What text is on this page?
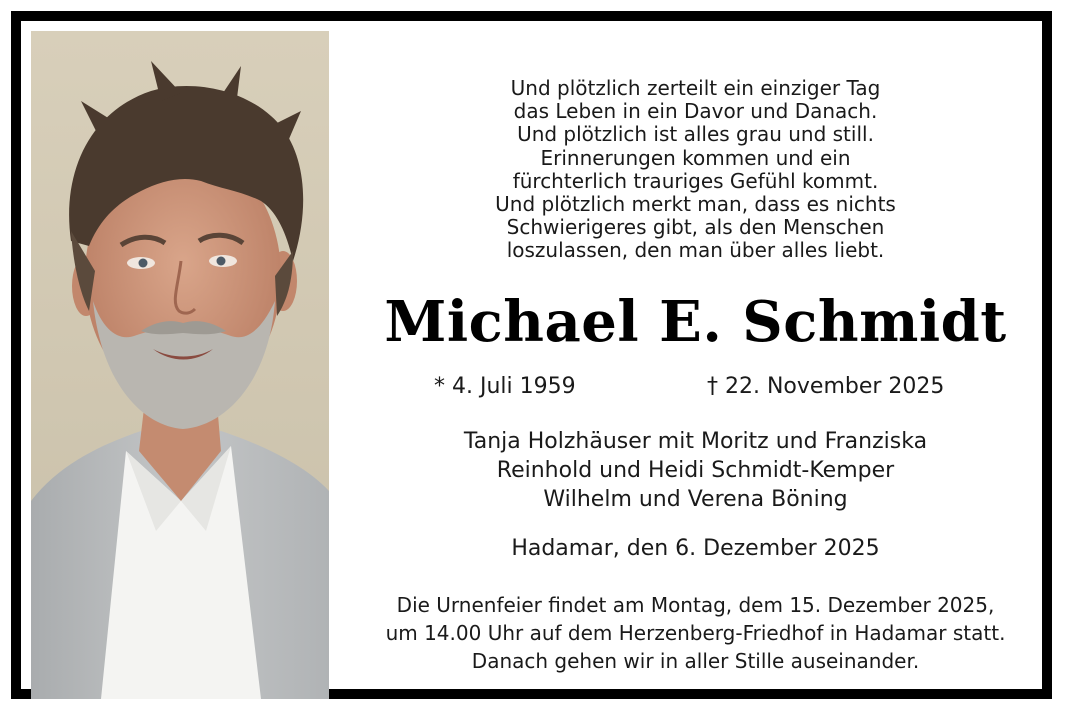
Und plötzlich zerteilt ein einziger Tag
das Leben in ein Davor und Danach.
Und plötzlich ist alles grau und still.
Erinnerungen kommen und ein
fürchterlich trauriges Gefühl kommt.
Und plötzlich merkt man, dass es nichts
Schwierigeres gibt, als den Menschen
loszulassen, den man über alles liebt.
Michael E. Schmidt
* 4. Juli 1959	† 22. November 2025
Tanja Holzhäuser mit Moritz und Franziska
Reinhold und Heidi Schmidt-Kemper
Wilhelm und Verena Böning
Hadamar, den 6. Dezember 2025
Die Urnenfeier findet am Montag, dem 15. Dezember 2025,
um 14.00 Uhr auf dem Herzenberg-Friedhof in Hadamar statt.
Danach gehen wir in aller Stille auseinander.
